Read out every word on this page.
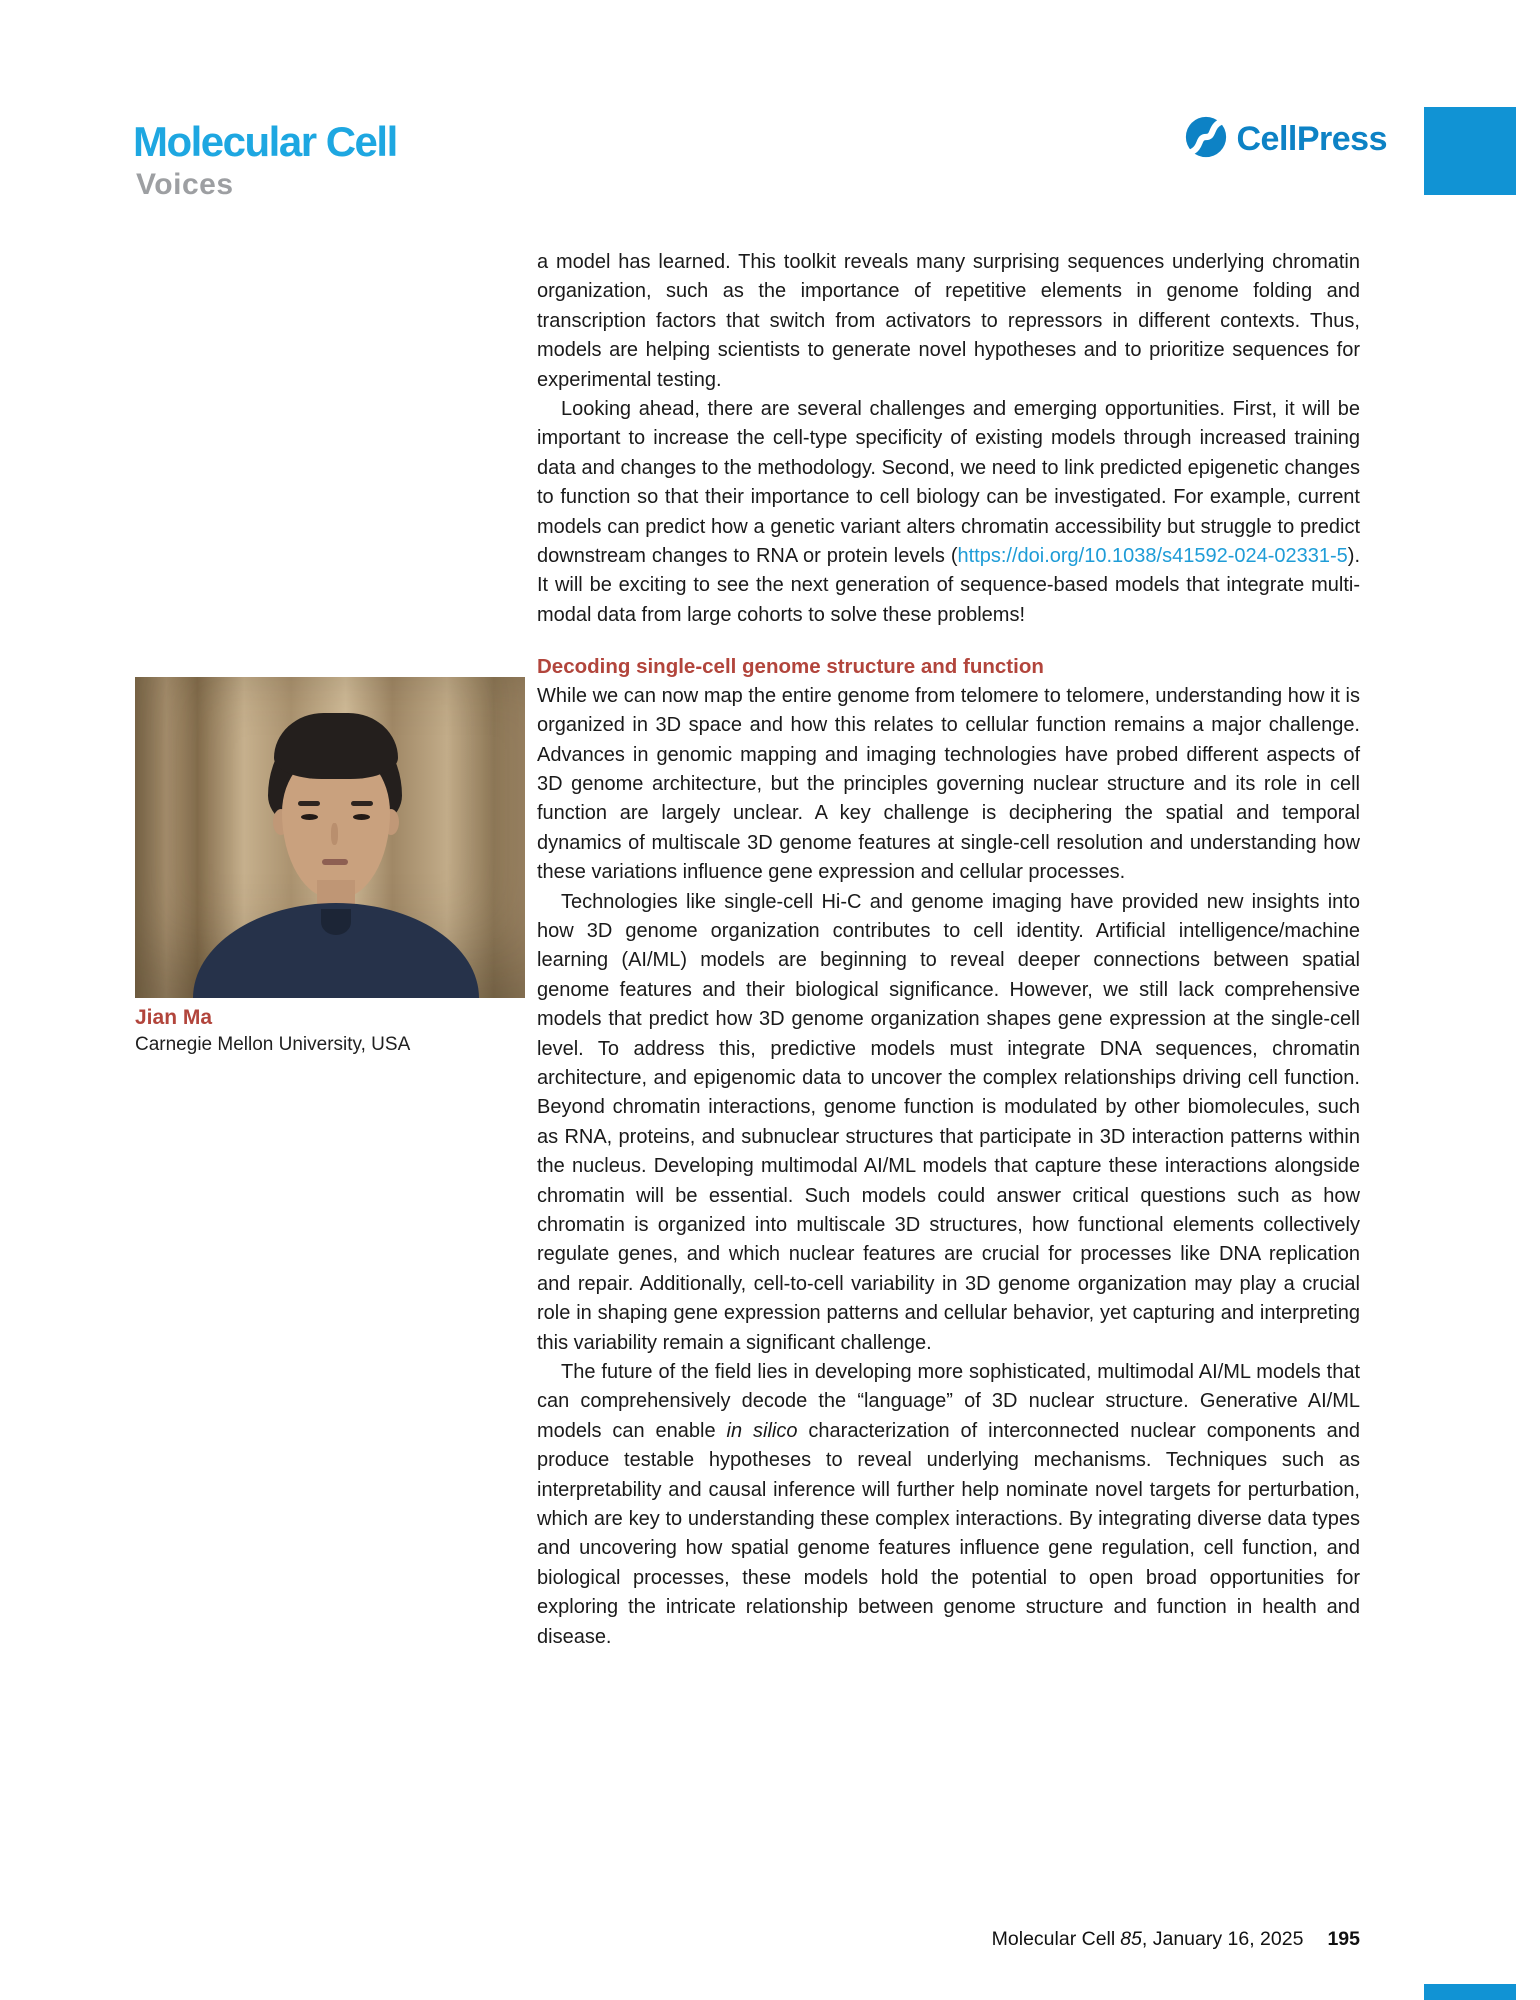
Molecular Cell
Voices
CellPress

a model has learned. This toolkit reveals many surprising sequences underlying chromatin organization, such as the importance of repetitive elements in genome folding and transcription factors that switch from activators to repressors in different contexts. Thus, models are helping scientists to generate novel hypotheses and to prioritize sequences for experimental testing.

Looking ahead, there are several challenges and emerging opportunities. First, it will be important to increase the cell-type specificity of existing models through increased training data and changes to the methodology. Second, we need to link predicted epigenetic changes to function so that their importance to cell biology can be investigated. For example, current models can predict how a genetic variant alters chromatin accessibility but struggle to predict downstream changes to RNA or protein levels (https://doi.org/10.1038/s41592-024-02331-5). It will be exciting to see the next generation of sequence-based models that integrate multi-modal data from large cohorts to solve these problems!

Decoding single-cell genome structure and function

While we can now map the entire genome from telomere to telomere, understanding how it is organized in 3D space and how this relates to cellular function remains a major challenge. Advances in genomic mapping and imaging technologies have probed different aspects of 3D genome architecture, but the principles governing nuclear structure and its role in cell function are largely unclear. A key challenge is deciphering the spatial and temporal dynamics of multiscale 3D genome features at single-cell resolution and understanding how these variations influence gene expression and cellular processes.

Technologies like single-cell Hi-C and genome imaging have provided new insights into how 3D genome organization contributes to cell identity. Artificial intelligence/machine learning (AI/ML) models are beginning to reveal deeper connections between spatial genome features and their biological significance. However, we still lack comprehensive models that predict how 3D genome organization shapes gene expression at the single-cell level. To address this, predictive models must integrate DNA sequences, chromatin architecture, and epigenomic data to uncover the complex relationships driving cell function. Beyond chromatin interactions, genome function is modulated by other biomolecules, such as RNA, proteins, and subnuclear structures that participate in 3D interaction patterns within the nucleus. Developing multimodal AI/ML models that capture these interactions alongside chromatin will be essential. Such models could answer critical questions such as how chromatin is organized into multiscale 3D structures, how functional elements collectively regulate genes, and which nuclear features are crucial for processes like DNA replication and repair. Additionally, cell-to-cell variability in 3D genome organization may play a crucial role in shaping gene expression patterns and cellular behavior, yet capturing and interpreting this variability remain a significant challenge.

The future of the field lies in developing more sophisticated, multimodal AI/ML models that can comprehensively decode the “language” of 3D nuclear structure. Generative AI/ML models can enable in silico characterization of interconnected nuclear components and produce testable hypotheses to reveal underlying mechanisms. Techniques such as interpretability and causal inference will further help nominate novel targets for perturbation, which are key to understanding these complex interactions. By integrating diverse data types and uncovering how spatial genome features influence gene regulation, cell function, and biological processes, these models hold the potential to open broad opportunities for exploring the intricate relationship between genome structure and function in health and disease.

Jian Ma
Carnegie Mellon University, USA
Molecular Cell 85, January 16, 2025 195
